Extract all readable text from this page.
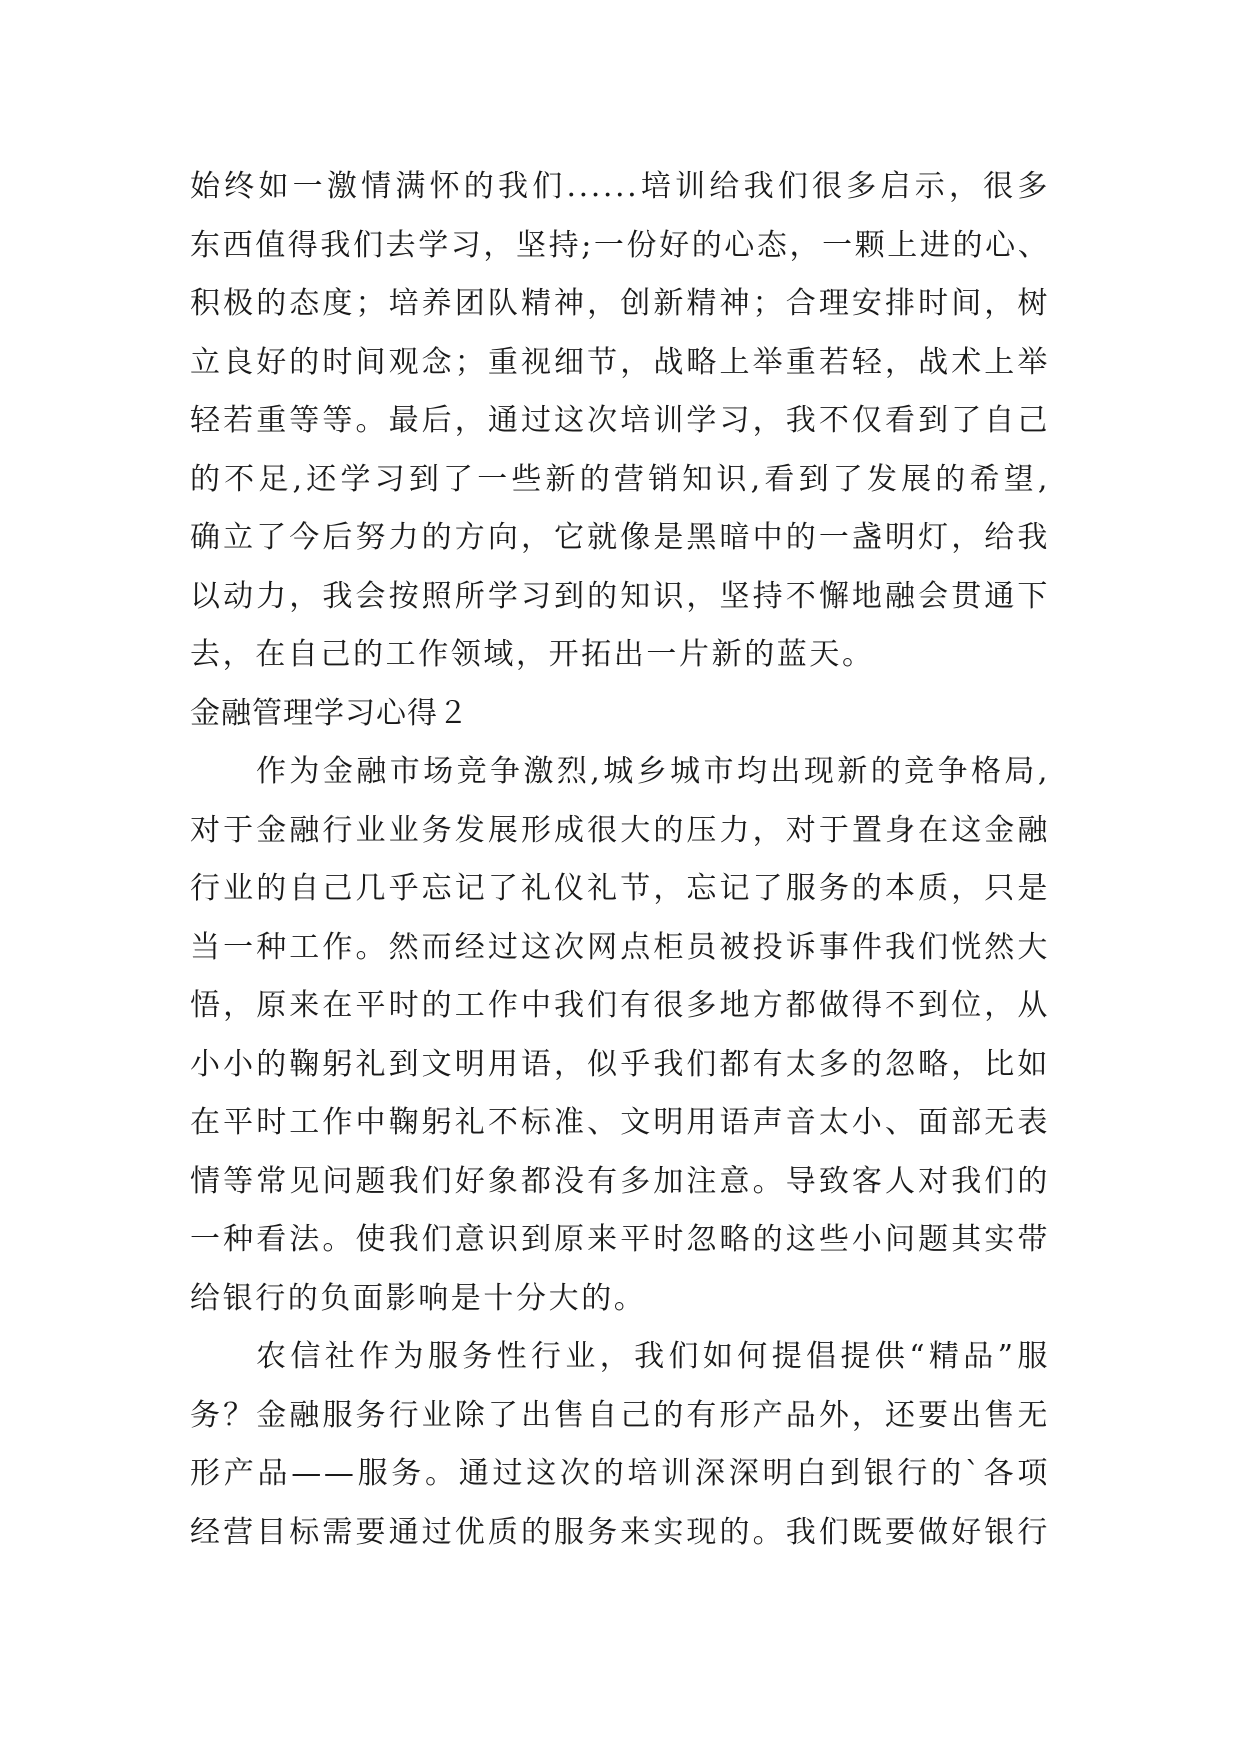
始终如一激情满怀的我们......培训给我们很多启示，很多
东西值得我们去学习，坚持;一份好的心态，一颗上进的心、
积极的态度；培养团队精神，创新精神；合理安排时间，树
立良好的时间观念；重视细节，战略上举重若轻，战术上举
轻若重等等。最后，通过这次培训学习，我不仅看到了自己
的不足,还学习到了一些新的营销知识,看到了发展的希望,
确立了今后努力的方向，它就像是黑暗中的一盏明灯，给我
以动力，我会按照所学习到的知识，坚持不懈地融会贯通下
去，在自己的工作领域，开拓出一片新的蓝天。
金融管理学习心得２
作为金融市场竞争激烈,城乡城市均出现新的竞争格局,
对于金融行业业务发展形成很大的压力，对于置身在这金融
行业的自己几乎忘记了礼仪礼节，忘记了服务的本质，只是
当一种工作。然而经过这次网点柜员被投诉事件我们恍然大
悟，原来在平时的工作中我们有很多地方都做得不到位，从
小小的鞠躬礼到文明用语，似乎我们都有太多的忽略，比如
在平时工作中鞠躬礼不标准、文明用语声音太小、面部无表
情等常见问题我们好象都没有多加注意。导致客人对我们的
一种看法。使我们意识到原来平时忽略的这些小问题其实带
给银行的负面影响是十分大的。
农信社作为服务性行业，我们如何提倡提供“精品”服
务？金融服务行业除了出售自己的有形产品外，还要出售无
形产品——服务。通过这次的培训深深明白到银行的`各项
经营目标需要通过优质的服务来实现的。我们既要做好银行
